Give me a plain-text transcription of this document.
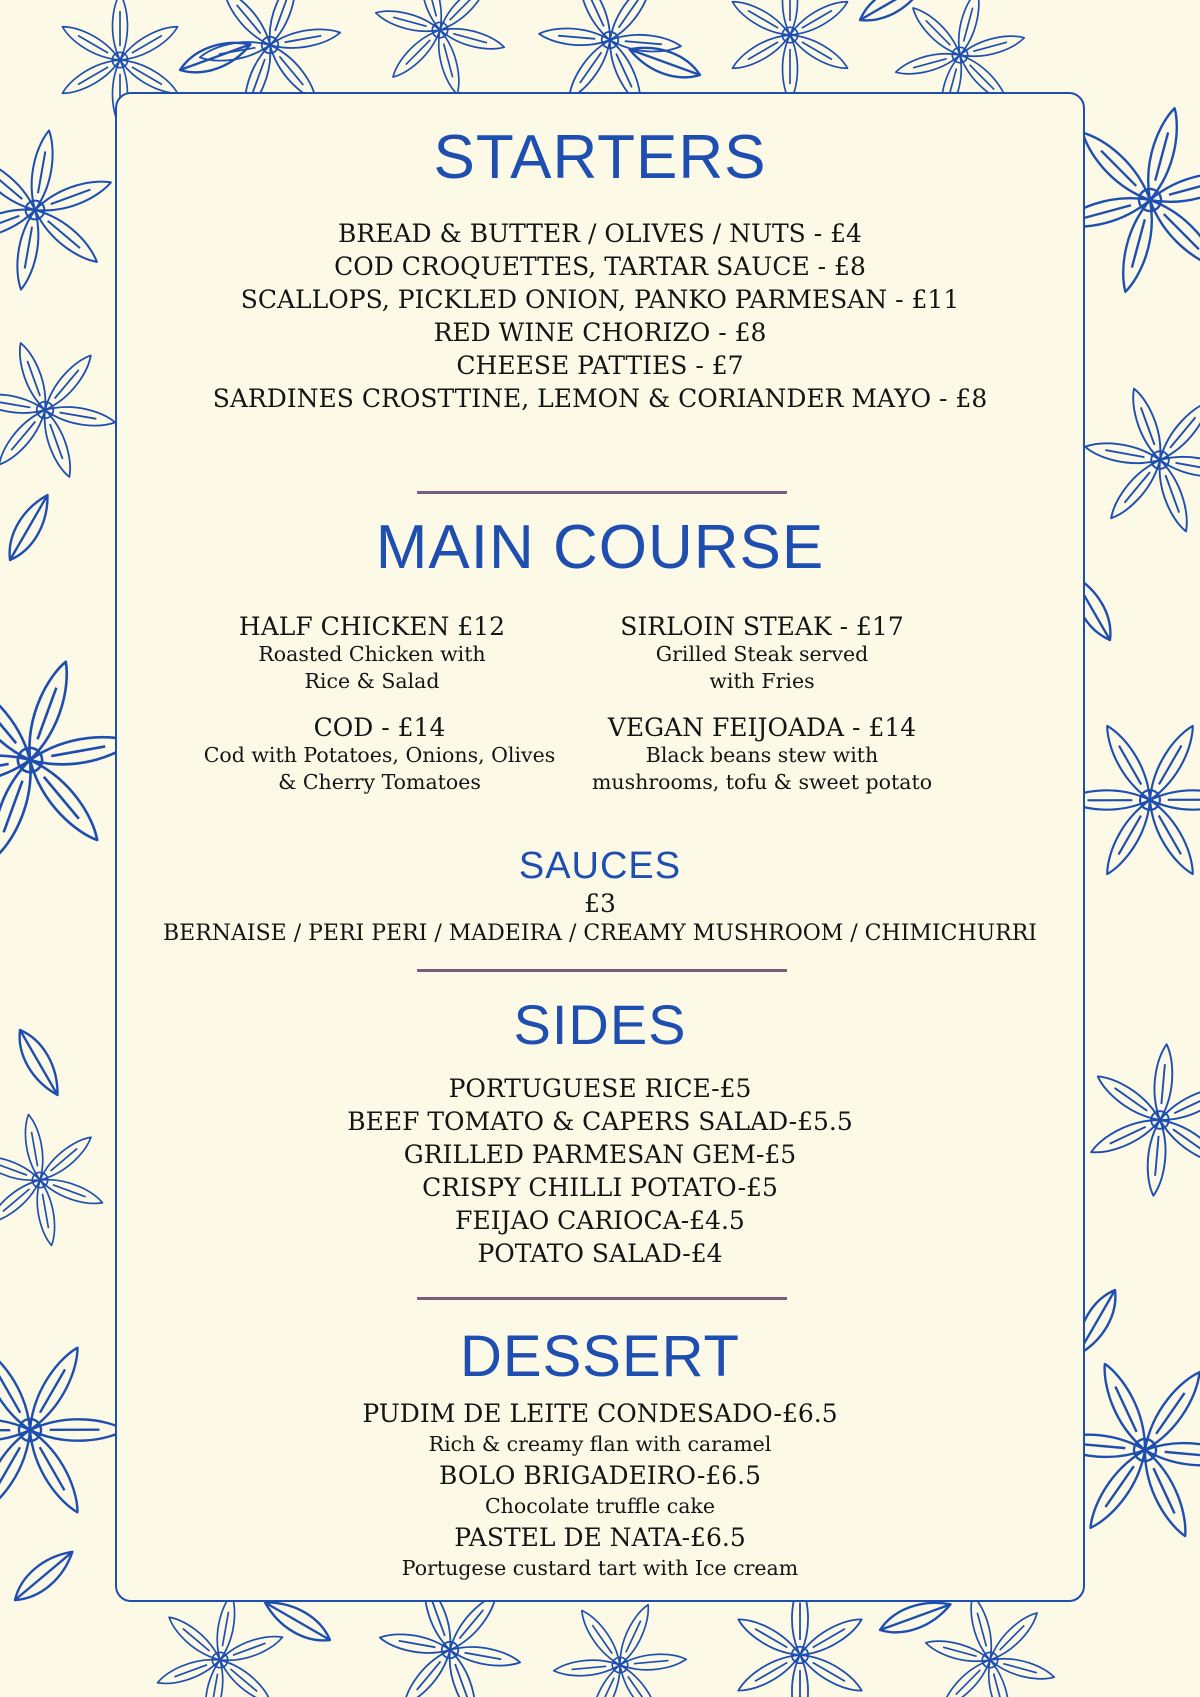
STARTERS

BREAD & BUTTER / OLIVES / NUTS - £4

COD CROQUETTES, TARTAR SAUCE - £8

SCALLOPS, PICKLED ONION, PANKO PARMESAN - £11

RED WINE CHORIZO - £8

CHEESE PATTIES - £7

SARDINES CROSTTINE, LEMON & CORIANDER MAYO - £8

MAIN COURSE
HALF CHICKEN £12
Roasted Chicken with
Rice & Salad
SIRLOIN STEAK - £17
Grilled Steak served
with Fries
COD - £14
Cod with Potatoes, Onions, Olives
& Cherry Tomatoes
VEGAN FEIJOADA - £14
Black beans stew with
mushrooms, tofu & sweet potato
SAUCES

£3

BERNAISE / PERI PERI / MADEIRA / CREAMY MUSHROOM / CHIMICHURRI

SIDES

PORTUGUESE RICE-£5

BEEF TOMATO & CAPERS SALAD-£5.5

GRILLED PARMESAN GEM-£5

CRISPY CHILLI POTATO-£5

FEIJAO CARIOCA-£4.5

POTATO SALAD-£4

DESSERT

PUDIM DE LEITE CONDESADO-£6.5

Rich & creamy flan with caramel

BOLO BRIGADEIRO-£6.5

Chocolate truffle cake

PASTEL DE NATA-£6.5

Portugese custard tart with Ice cream
